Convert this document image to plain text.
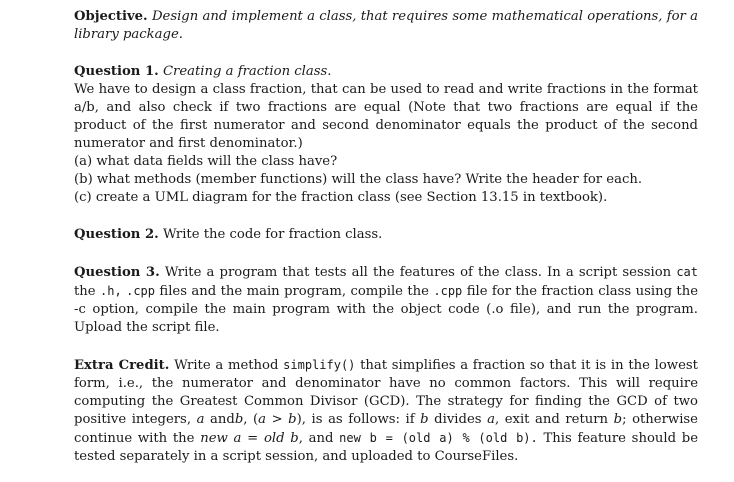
Objective. Design and implement a class, that requires some mathematical operations, for a library package.

Question 1. Creating a fraction class.
We have to design a class fraction, that can be used to read and write fractions in the format a/b, and also check if two fractions are equal (Note that two fractions are equal if the product of the first numerator and second denominator equals the product of the second numerator and first denominator.)
(a) what data fields will the class have?
(b) what methods (member functions) will the class have? Write the header for each.
(c) create a UML diagram for the fraction class (see Section 13.15 in textbook).

Question 2. Write the code for fraction class.

Question 3. Write a program that tests all the features of the class. In a script session cat the .h, .cpp files and the main program, compile the .cpp file for the fraction class using the -c option, compile the main program with the object code (.o file), and run the program. Upload the script file.

Extra Credit. Write a method simplify() that simplifies a fraction so that it is in the lowest form, i.e., the numerator and denominator have no common factors. This will require computing the Greatest Common Divisor (GCD). The strategy for finding the GCD of two positive integers, a andb, (a > b), is as follows: if b divides a, exit and return b; otherwise continue with the new a = old b, and new b = (old a) % (old b). This feature should be tested separately in a script session, and uploaded to CourseFiles.
